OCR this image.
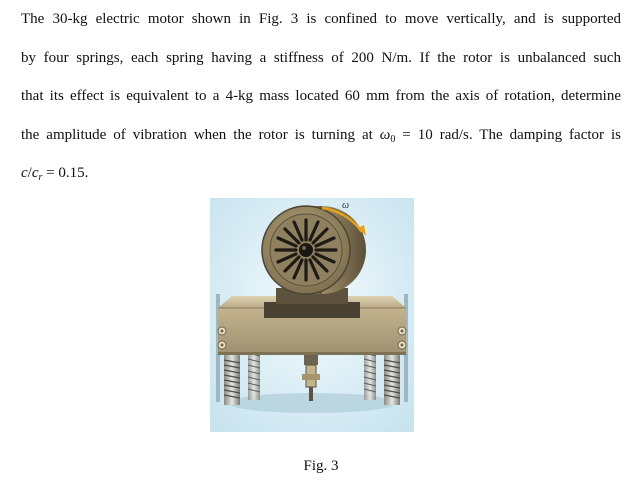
The 30-kg electric motor shown in Fig. 3 is confined to move vertically, and is supported
by four springs, each spring having a stiffness of 200 N/m. If the rotor is unbalanced such
that its effect is equivalent to a 4-kg mass located 60 mm from the axis of rotation, determine
the amplitude of vibration when the rotor is turning at $\omega_0 = 10$ rad/s. The damping factor is
$c/c_r = 0.15$.
ω
Fig. 3
